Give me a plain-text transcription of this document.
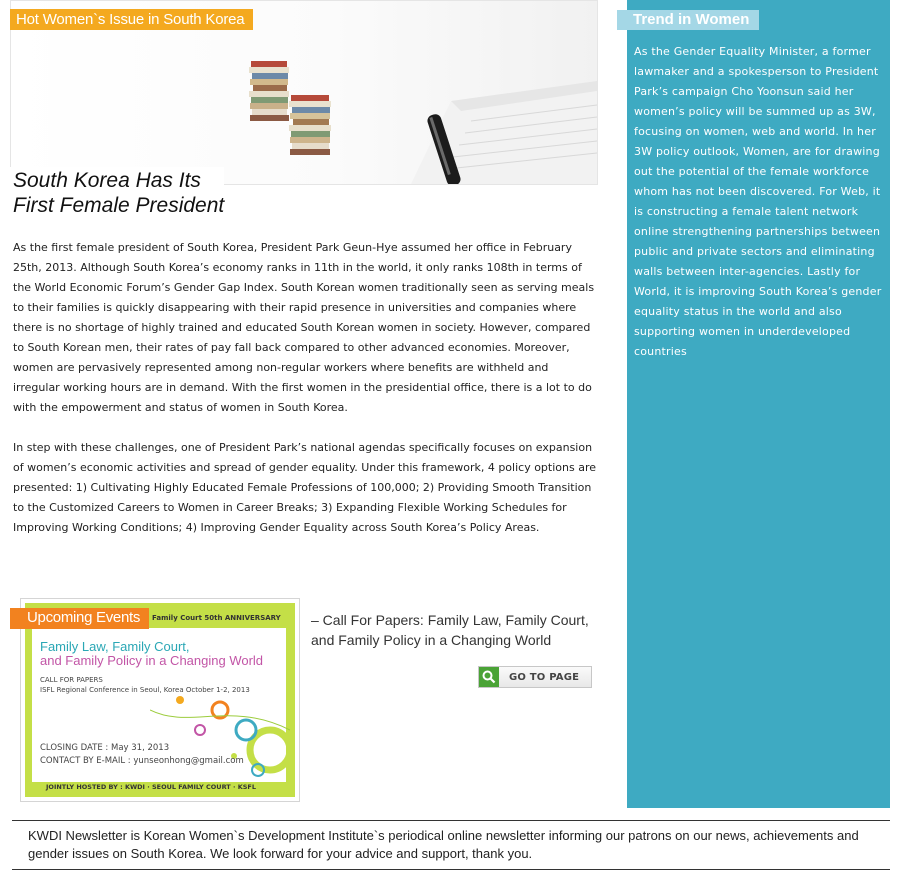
Hot Women`s Issue in South Korea
South Korea Has Its
First Female President

As the first female president of South Korea, President Park Geun-Hye assumed her office in February 25th, 2013. Although South Korea’s economy ranks in 11th in the world, it only ranks 108th in terms of the World Economic Forum’s Gender Gap Index. South Korean women traditionally seen as serving meals to their families is quickly disappearing with their rapid presence in universities and companies where there is no shortage of highly trained and educated South Korean women in society. However, compared to South Korean men, their rates of pay fall back compared to other advanced economies. Moreover, women are pervasively represented among non-regular workers where benefits are withheld and irregular working hours are in demand. With the first women in the presidential office, there is a lot to do with the empowerment and status of women in South Korea.

In step with these challenges, one of President Park’s national agendas specifically focuses on expansion of women’s economic activities and spread of gender equality. Under this framework, 4 policy options are presented: 1) Cultivating Highly Educated Female Professions of 100,000; 2) Providing Smooth Transition to the Customized Careers to Women in Career Breaks; 3) Expanding Flexible Working Schedules for Improving Working Conditions; 4) Improving Gender Equality across South Korea’s Policy Areas.

Trend in Women

As the Gender Equality Minister, a former lawmaker and a spokesperson to President Park’s campaign Cho Yoonsun said her women’s policy will be summed up as 3W, focusing on women, web and world. In her 3W policy outlook, Women, are for drawing out the potential of the female workforce whom has not been discovered. For Web, it is constructing a female talent network online strengthening partnerships between public and private sectors and eliminating walls between inter-agencies. Lastly for World, it is improving South Korea’s gender equality status in the world and also supporting women in underdeveloped countries

Family Court 50th ANNIVERSARY
Family Law, Family Court,
and Family Policy in a Changing World
CALL FOR PAPERS
ISFL Regional Conference in Seoul, Korea October 1-2, 2013
CLOSING DATE : May 31, 2013
CONTACT BY E-MAIL : yunseonhong@gmail.com
JOINTLY HOSTED BY : KWDI · SEOUL FAMILY COURT · KSFL
Upcoming Events	– Call For Papers: Family Law, Family Court, and Family Policy in a Changing World
GO TO PAGE

KWDI Newsletter is Korean Women`s Development Institute`s periodical online newsletter informing our patrons on our news, achievements and gender issues on South Korea. We look forward for your advice and support, thank you.
